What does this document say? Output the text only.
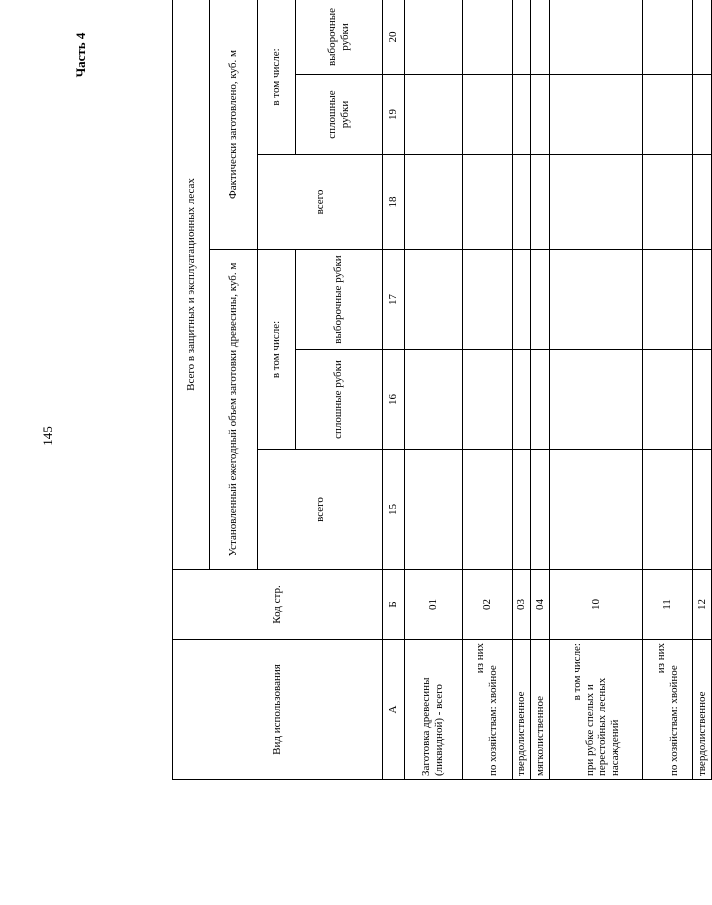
145
Часть 4
Вид использования	Код стр.	Всего в защитных и эксплуатационных лесах					
		Установленный ежегодный объем заготовки древесины, куб. м			Фактически заготовлено, куб. м		
		всего	в том числе:		всего	в том числе:	
			сплошные рубки	выборочные рубки		сплошные рубки	выборочные рубки
А	Б	15	16	17	18	19	20
Заготовка древесины (ликвидной) - всего	01						

из них
по хозяйствам: хвойное	02						
твердолиственное	03						
мягколиственное	04						

в том числе:
при рубке спелых и перестойных лесных насаждений	10						

из них
по хозяйствам: хвойное	11						
твердолиственное	12						
